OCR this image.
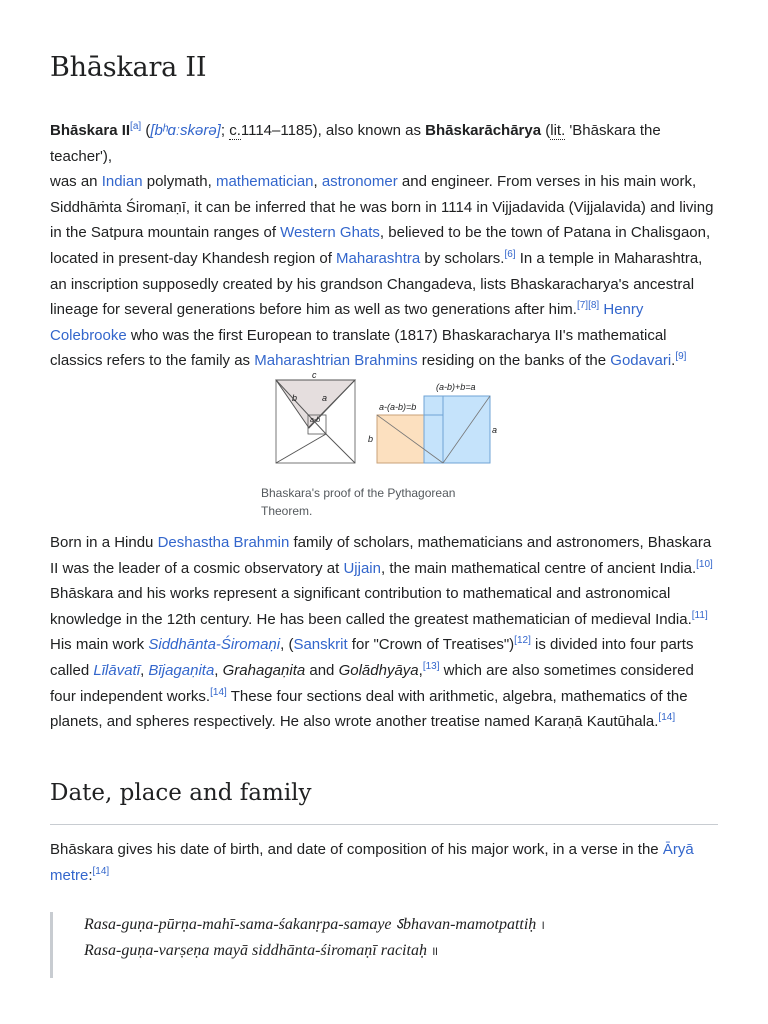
Bhāskara II

Bhāskara II[a] ([bʰɑːskərə]; c.1114–1185), also known as Bhāskarāchārya (lit. 'Bhāskara the teacher'),
was an Indian polymath, mathematician, astronomer and engineer. From verses in his main work, Siddhāṁta Śiromaṇī, it can be inferred that he was born in 1114 in Vijjadavida (Vijjalavida) and living in the Satpura mountain ranges of Western Ghats, believed to be the town of Patana in Chalisgaon, located in present-day Khandesh region of Maharashtra by scholars.[6] In a temple in Maharashtra, an inscription supposedly created by his grandson Changadeva, lists Bhaskaracharya's ancestral lineage for several generations before him as well as two generations after him.[7][8] Henry Colebrooke who was the first European to translate (1817) Bhaskaracharya II's mathematical classics refers to the family as Maharashtrian Brahmins residing on the banks of the Godavari.[9]

c
b	a
a-b
(a-b)+b=a
a-(a-b)=b
b
a
Bhaskara's proof of the Pythagorean Theorem.

Born in a Hindu Deshastha Brahmin family of scholars, mathematicians and astronomers, Bhaskara II was the leader of a cosmic observatory at Ujjain, the main mathematical centre of ancient India.[10] Bhāskara and his works represent a significant contribution to mathematical and astronomical knowledge in the 12th century. He has been called the greatest mathematician of medieval India.[11] His main work Siddhānta-Śiromaṇi, (Sanskrit for "Crown of Treatises")[12] is divided into four parts called Līlāvatī, Bījagaṇita, Grahagaṇita and Golādhyāya,[13] which are also sometimes considered four independent works.[14] These four sections deal with arithmetic, algebra, mathematics of the planets, and spheres respectively. He also wrote another treatise named Karaṇā Kautūhala.[14]

Date, place and family

Bhāskara gives his date of birth, and date of composition of his major work, in a verse in the Āryā metre:[14]

Rasa-guṇa-pūrṇa-mahī-sama-śakanṛpa-samaye ऽbhavan-mamotpattiḥ ।
Rasa-guṇa-varṣeṇa mayā siddhānta-śiromaṇī racitaḥ ॥
